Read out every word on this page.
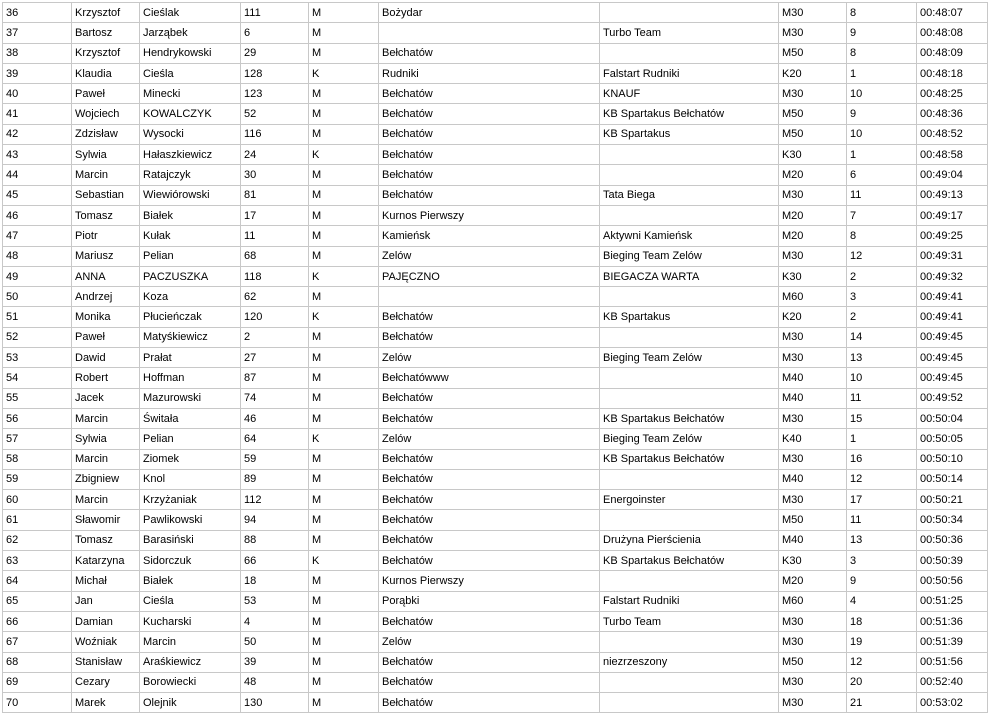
36	Krzysztof	Cieślak	111	M	Bożydar		M30	8	00:48:07
37	Bartosz	Jarząbek	6	M		Turbo Team	M30	9	00:48:08
38	Krzysztof	Hendrykowski	29	M	Bełchatów		M50	8	00:48:09
39	Klaudia	Cieśla	128	K	Rudniki	Falstart Rudniki	K20	1	00:48:18
40	Paweł	Minecki	123	M	Bełchatów	KNAUF	M30	10	00:48:25
41	Wojciech	KOWALCZYK	52	M	Bełchatów	KB Spartakus Bełchatów	M50	9	00:48:36
42	Zdzisław	Wysocki	116	M	Bełchatów	KB Spartakus	M50	10	00:48:52
43	Sylwia	Hałaszkiewicz	24	K	Bełchatów		K30	1	00:48:58
44	Marcin	Ratajczyk	30	M	Bełchatów		M20	6	00:49:04
45	Sebastian	Wiewiórowski	81	M	Bełchatów	Tata Biega	M30	11	00:49:13
46	Tomasz	Białek	17	M	Kurnos Pierwszy		M20	7	00:49:17
47	Piotr	Kułak	11	M	Kamieńsk	Aktywni Kamieńsk	M20	8	00:49:25
48	Mariusz	Pelian	68	M	Zelów	Bieging Team Zelów	M30	12	00:49:31
49	ANNA	PACZUSZKA	118	K	PAJĘCZNO	BIEGACZA WARTA	K30	2	00:49:32
50	Andrzej	Koza	62	M			M60	3	00:49:41
51	Monika	Płucieńczak	120	K	Bełchatów	KB Spartakus	K20	2	00:49:41
52	Paweł	Matyśkiewicz	2	M	Bełchatów		M30	14	00:49:45
53	Dawid	Prałat	27	M	Zelów	Bieging Team Zelów	M30	13	00:49:45
54	Robert	Hoffman	87	M	Bełchatówww		M40	10	00:49:45
55	Jacek	Mazurowski	74	M	Bełchatów		M40	11	00:49:52
56	Marcin	Świtała	46	M	Bełchatów	KB Spartakus Bełchatów	M30	15	00:50:04
57	Sylwia	Pelian	64	K	Zelów	Bieging Team Zelów	K40	1	00:50:05
58	Marcin	Ziomek	59	M	Bełchatów	KB Spartakus Bełchatów	M30	16	00:50:10
59	Zbigniew	Knol	89	M	Bełchatów		M40	12	00:50:14
60	Marcin	Krzyżaniak	112	M	Bełchatów	Energoinster	M30	17	00:50:21
61	Sławomir	Pawlikowski	94	M	Bełchatów		M50	11	00:50:34
62	Tomasz	Barasiński	88	M	Bełchatów	Drużyna Pierścienia	M40	13	00:50:36
63	Katarzyna	Sidorczuk	66	K	Bełchatów	KB Spartakus Bełchatów	K30	3	00:50:39
64	Michał	Białek	18	M	Kurnos Pierwszy		M20	9	00:50:56
65	Jan	Cieśla	53	M	Porąbki	Falstart Rudniki	M60	4	00:51:25
66	Damian	Kucharski	4	M	Bełchatów	Turbo Team	M30	18	00:51:36
67	Woźniak	Marcin	50	M	Zelów		M30	19	00:51:39
68	Stanisław	Araśkiewicz	39	M	Bełchatów	niezrzeszony	M50	12	00:51:56
69	Cezary	Borowiecki	48	M	Bełchatów		M30	20	00:52:40
70	Marek	Olejnik	130	M	Bełchatów		M30	21	00:53:02
